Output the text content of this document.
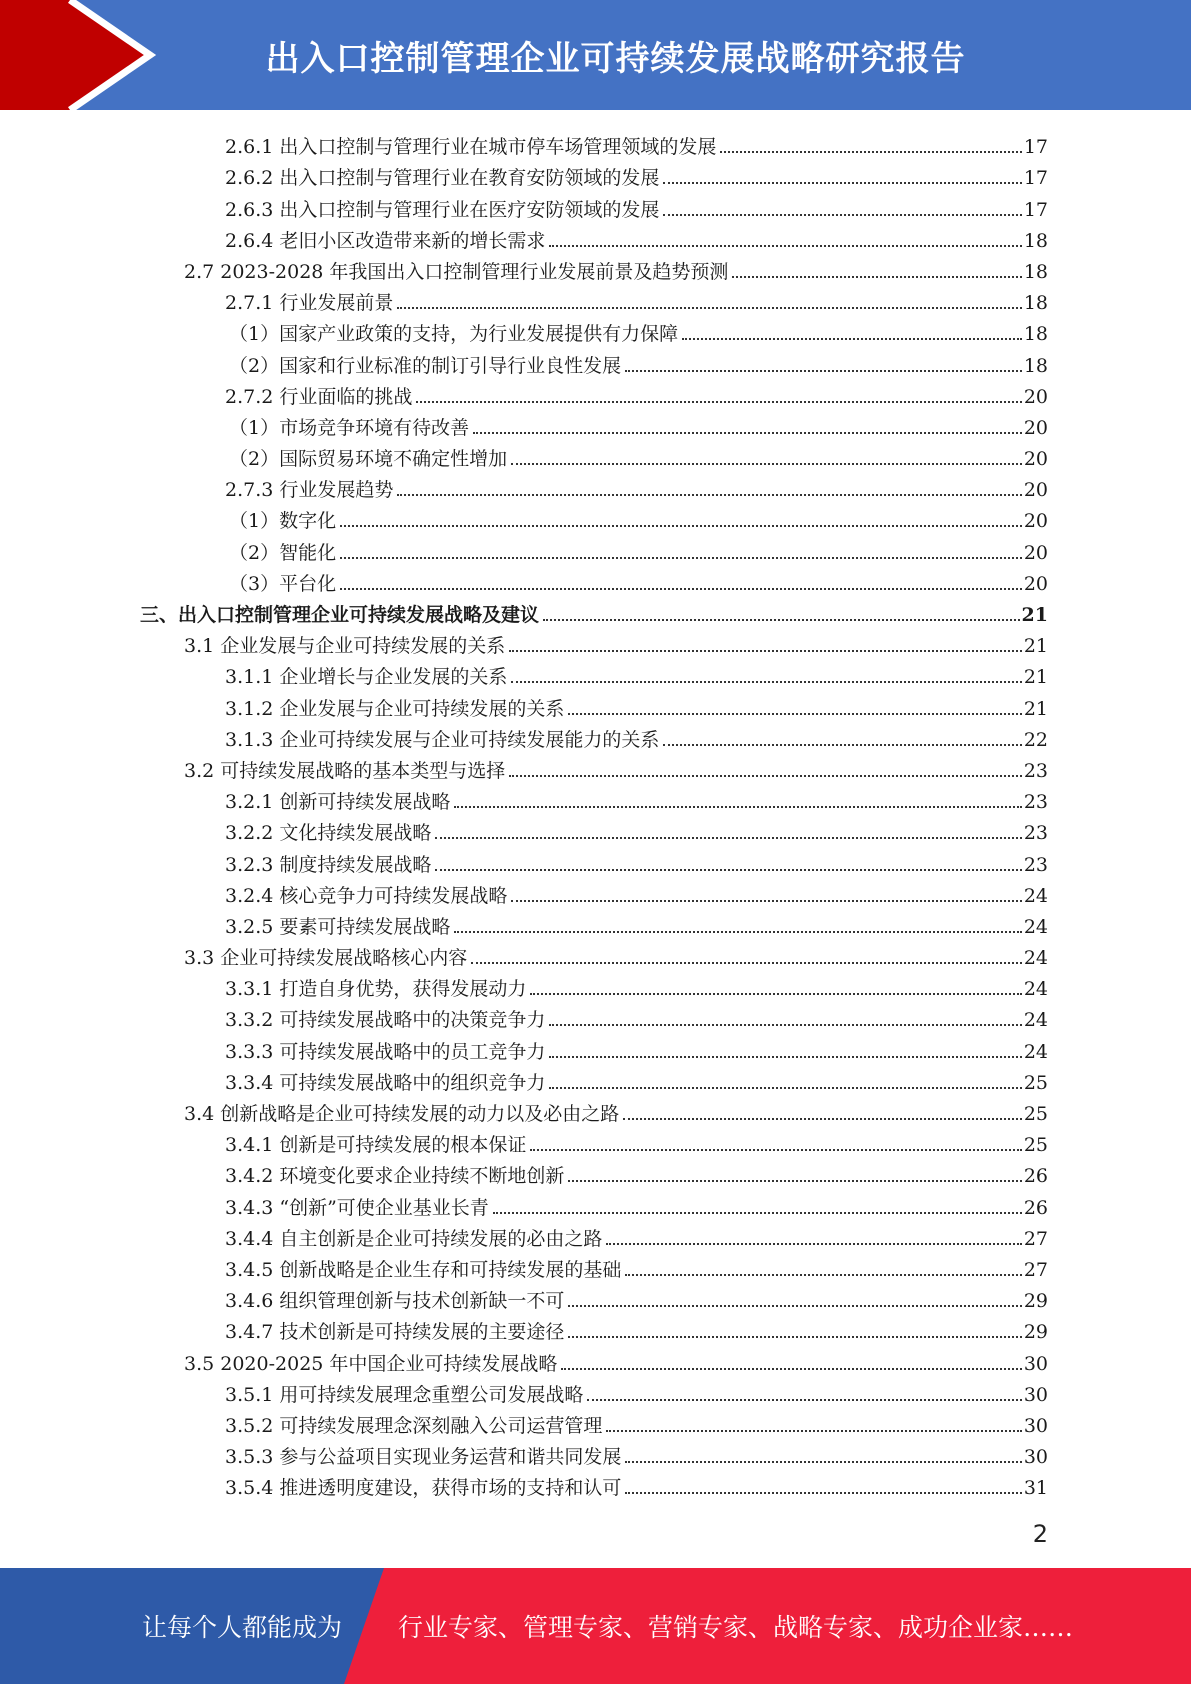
出入口控制管理企业可持续发展战略研究报告
2.6.1 出入口控制与管理行业在城市停车场管理领域的发展	17
2.6.2 出入口控制与管理行业在教育安防领域的发展	17
2.6.3 出入口控制与管理行业在医疗安防领域的发展	17
2.6.4 老旧小区改造带来新的增长需求	18
2.7 2023-2028 年我国出入口控制管理行业发展前景及趋势预测	18
2.7.1 行业发展前景	18
（1）国家产业政策的支持，为行业发展提供有力保障	18
（2）国家和行业标准的制订引导行业良性发展	18
2.7.2 行业面临的挑战	20
（1）市场竞争环境有待改善	20
（2）国际贸易环境不确定性增加	20
2.7.3 行业发展趋势	20
（1）数字化	20
（2）智能化	20
（3）平台化	20
三、出入口控制管理企业可持续发展战略及建议	21
3.1 企业发展与企业可持续发展的关系	21
3.1.1 企业增长与企业发展的关系	21
3.1.2 企业发展与企业可持续发展的关系	21
3.1.3 企业可持续发展与企业可持续发展能力的关系	22
3.2 可持续发展战略的基本类型与选择	23
3.2.1 创新可持续发展战略	23
3.2.2 文化持续发展战略	23
3.2.3 制度持续发展战略	23
3.2.4 核心竞争力可持续发展战略	24
3.2.5 要素可持续发展战略	24
3.3 企业可持续发展战略核心内容	24
3.3.1 打造自身优势，获得发展动力	24
3.3.2 可持续发展战略中的决策竞争力	24
3.3.3 可持续发展战略中的员工竞争力	24
3.3.4 可持续发展战略中的组织竞争力	25
3.4 创新战略是企业可持续发展的动力以及必由之路	25
3.4.1 创新是可持续发展的根本保证	25
3.4.2 环境变化要求企业持续不断地创新	26
3.4.3 “创新”可使企业基业长青	26
3.4.4 自主创新是企业可持续发展的必由之路	27
3.4.5 创新战略是企业生存和可持续发展的基础	27
3.4.6 组织管理创新与技术创新缺一不可	29
3.4.7 技术创新是可持续发展的主要途径	29
3.5 2020-2025 年中国企业可持续发展战略	30
3.5.1 用可持续发展理念重塑公司发展战略	30
3.5.2 可持续发展理念深刻融入公司运营管理	30
3.5.3 参与公益项目实现业务运营和谐共同发展	30
3.5.4 推进透明度建设，获得市场的支持和认可	31
2
让每个人都能成为 行业专家、管理专家、营销专家、战略专家、成功企业家……
